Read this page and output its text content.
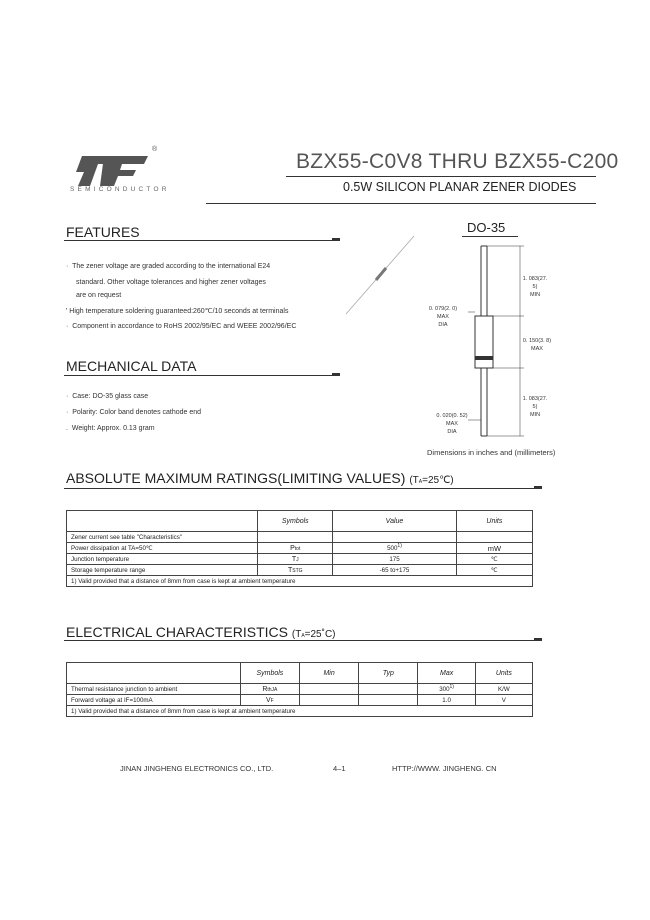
®
SEMICONDUCTOR
BZX55-C0V8 THRU BZX55-C200
0.5W SILICON PLANAR ZENER DIODES
FEATURES
·  The zener voltage are graded according to the international E24
standard. Other voltage tolerances and higher zener voltages
are on request
' High temperature soldering guaranteed:260℃/10 seconds at terminals
·  Component in accordance to RoHS 2002/95/EC and WEEE 2002/96/EC
MECHANICAL DATA
·  Case: DO-35 glass case
·  Polarity: Color band denotes cathode end
.  Weight: Approx. 0.13 gram
DO-35
1. 083(27. 5)
MIN
0. 079(2. 0)
MAX
DIA
0. 150(3. 8)
MAX
1. 083(27. 5)
MIN
0. 020(0. 52)
MAX
DIA
Dimensions in inches and (millimeters)
ABSOLUTE MAXIMUM RATINGS(LIMITING VALUES) (TA=25℃)
	Symbols	Value	Units
Zener current see table "Characteristics"			
Power dissipation at TA=50℃	Ptot	500$^{1)}$	mW
Junction temperature	TJ	175	℃
Storage temperature range	TSTG	-65 to+175	℃
1) Valid provided that a distance of 8mm from case is kept at ambient temperature			
ELECTRICAL CHARACTERISTICS (TA=25˚C)
	Symbols	Min	Typ	Max	Units
Thermal resistance junction to ambient	RthJA			300$^{1)}$	K/W
Forward voltage at IF=100mA	VF			1.0	V
1) Valid provided that a distance of 8mm from case is kept at ambient temperature					
JINAN JINGHENG ELECTRONICS CO., LTD.	4–1	HTTP://WWW. JINGHENG. CN
